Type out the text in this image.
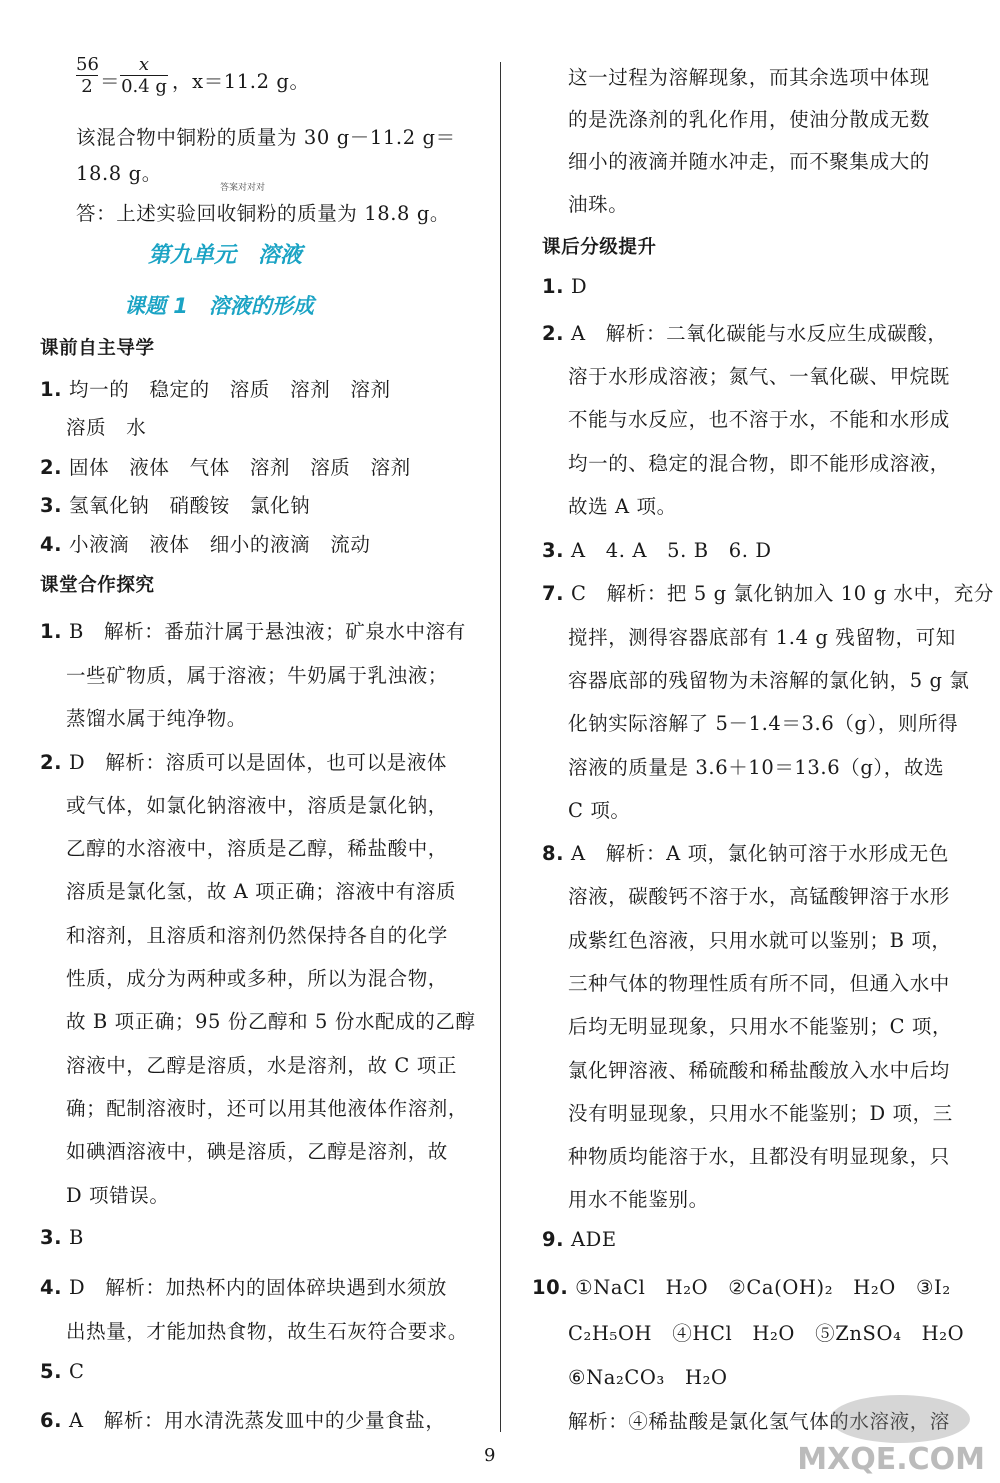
56
2 ＝
x
0.4 g ，x＝11.2 g。
该混合物中铜粉的质量为 30 g－11.2 g＝
18.8 g。
答案对对对
答：上述实验回收铜粉的质量为 18.8 g。
第九单元　溶液
课题 1　溶液的形成
课前自主导学
1. 均一的　稳定的　溶质　溶剂　溶剂
溶质　水
2. 固体　液体　气体　溶剂　溶质　溶剂
3. 氢氧化钠　硝酸铵　氯化钠
4. 小液滴　液体　细小的液滴　流动
课堂合作探究
1. B　解析：番茄汁属于悬浊液；矿泉水中溶有
一些矿物质，属于溶液；牛奶属于乳浊液；
蒸馏水属于纯净物。
2. D　解析：溶质可以是固体，也可以是液体
或气体，如氯化钠溶液中，溶质是氯化钠，
乙醇的水溶液中，溶质是乙醇，稀盐酸中，
溶质是氯化氢，故 A 项正确；溶液中有溶质
和溶剂，且溶质和溶剂仍然保持各自的化学
性质，成分为两种或多种，所以为混合物，
故 B 项正确；95 份乙醇和 5 份水配成的乙醇
溶液中，乙醇是溶质，水是溶剂，故 C 项正
确；配制溶液时，还可以用其他液体作溶剂，
如碘酒溶液中，碘是溶质，乙醇是溶剂，故
D 项错误。
3. B
4. D　解析：加热杯内的固体碎块遇到水须放
出热量，才能加热食物，故生石灰符合要求。
5. C
6. A　解析：用水清洗蒸发皿中的少量食盐，
这一过程为溶解现象，而其余选项中体现
的是洗涤剂的乳化作用，使油分散成无数
细小的液滴并随水冲走，而不聚集成大的
油珠。
课后分级提升
1. D
2. A　解析：二氧化碳能与水反应生成碳酸，
溶于水形成溶液；氮气、一氧化碳、甲烷既
不能与水反应，也不溶于水，不能和水形成
均一的、稳定的混合物，即不能形成溶液，
故选 A 项。
3. A　4. A　5. B　6. D
7. C　解析：把 5 g 氯化钠加入 10 g 水中，充分
搅拌，测得容器底部有 1.4 g 残留物，可知
容器底部的残留物为未溶解的氯化钠，5 g 氯
化钠实际溶解了 5－1.4＝3.6（g），则所得
溶液的质量是 3.6＋10＝13.6（g），故选
C 项。
8. A　解析：A 项，氯化钠可溶于水形成无色
溶液，碳酸钙不溶于水，高锰酸钾溶于水形
成紫红色溶液，只用水就可以鉴别；B 项，
三种气体的物理性质有所不同，但通入水中
后均无明显现象，只用水不能鉴别；C 项，
氯化钾溶液、稀硫酸和稀盐酸放入水中后均
没有明显现象，只用水不能鉴别；D 项，三
种物质均能溶于水，且都没有明显现象，只
用水不能鉴别。
9. ADE
10. ①NaCl　H₂O　②Ca(OH)₂　H₂O　③I₂
C₂H₅OH　④HCl　H₂O　⑤ZnSO₄　H₂O
⑥Na₂CO₃　H₂O
解析：④稀盐酸是氯化氢气体的水溶液，溶
9	MXQE.COM
